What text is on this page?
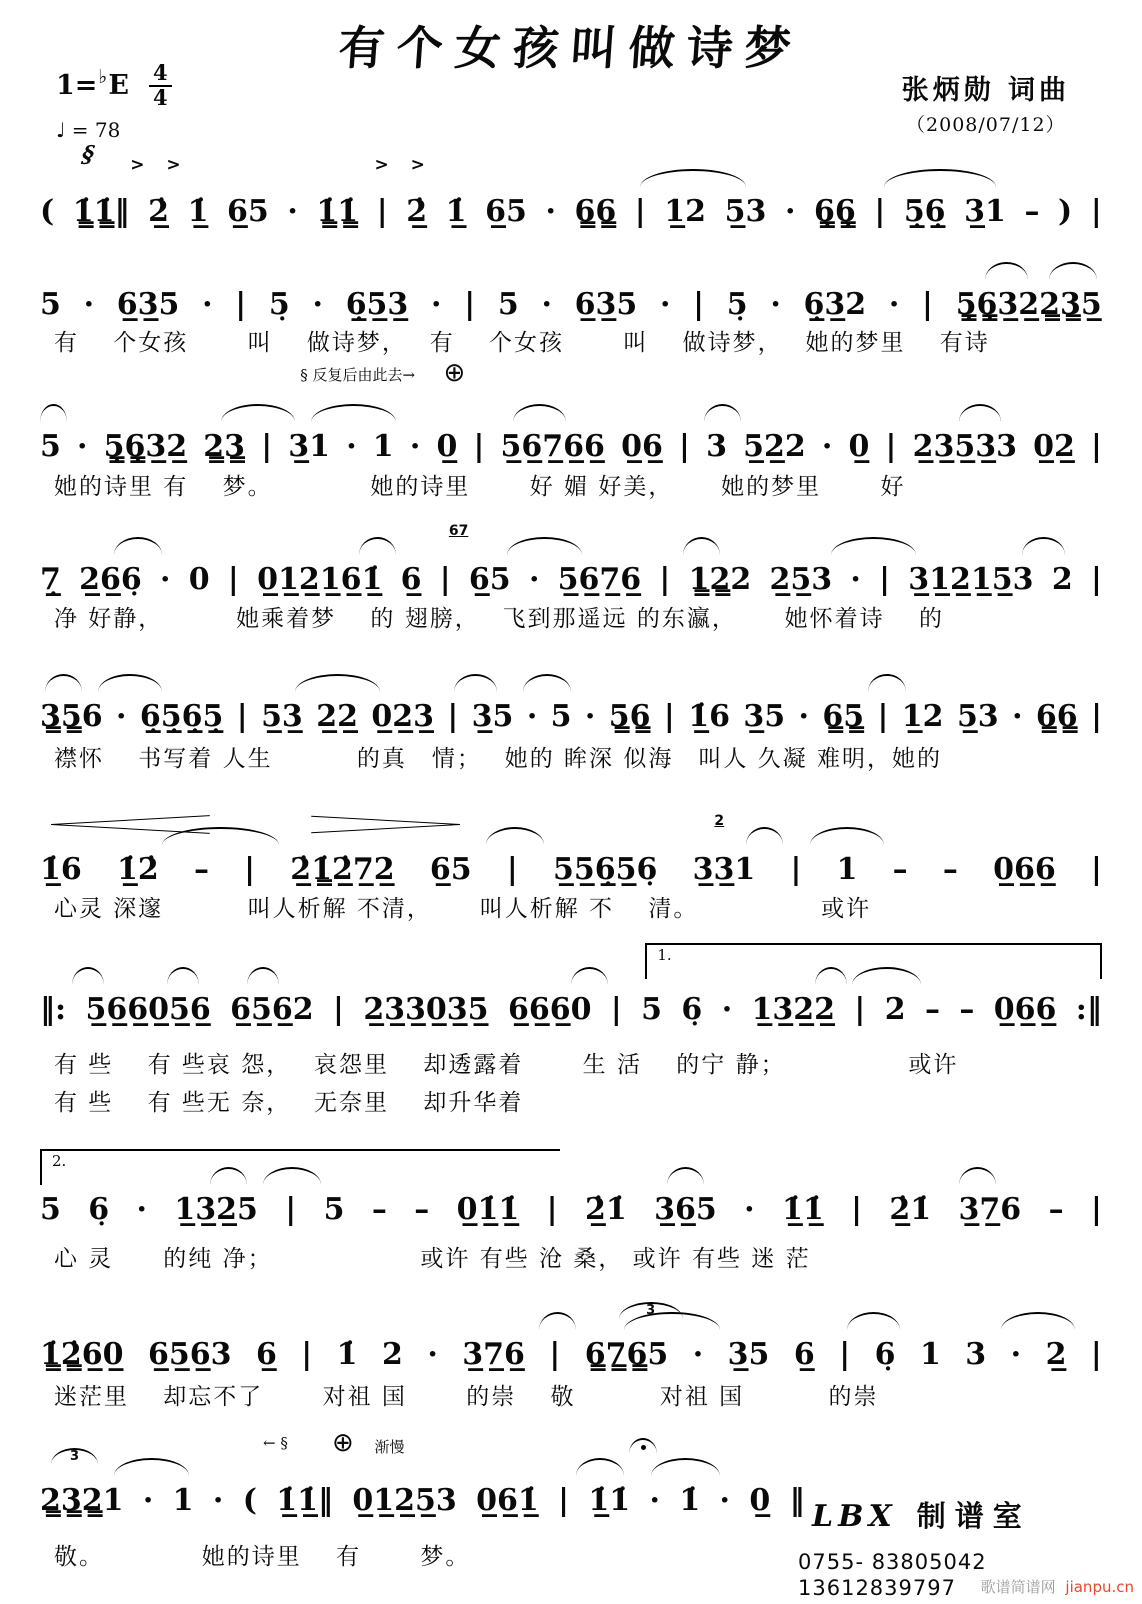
有个女孩叫做诗梦
1= ♭ E $\frac{4}{4}$
♩ = 78
张炳勋 词曲
（2008/07/12）
( 1̳̇1̳̇‖ 2̲̇ 1̲̇ 6̲5 · 1̳̇1̳̇ | 2̲̇ 1̲̇ 6̲5 · 6̳6̳ | 1̲2 5̲3 · 6̳̣6̳̣ | 5̲̣6̲̣ 3̲1 – ) |
§ > >	> >
5 · 6̲3̲5 · | 5̣ · 6̲̣5̲3̲ · | 5 · 6̲3̲5 · | 5̣ · 6̲̣3̲2 · | 5̳̣6̳̣3̲2̲2̳3̳5̲
有　 个女孩　　 叫　 做诗梦，　 有　 个女孩　　 叫　 做诗梦，　 她的梦里　 有诗
5 · 5̳̣6̳̣3̲2̲ 2̳3̳ | 3̲1 · 1 · 0̲ | 5̲6̲7̲6̲6̲ 0̲6̲ | 3 5̲2̲2 · 0̲ | 2̲3̲5̲3̲3 0̲2̲ |
她的诗里 有　 梦。　　　　 她的诗里　　 好 媚 好美，　　 她的梦里　　 好
§ 反复后由此去→ ⊕
7̲̣ 2̲6̲6̣ · 0 | 0̲1̲2̲1̲6̲1̲̇ 6̲ | 6̲5 · 5̲6̲7̲6̲ | 1̳2̳2 2̲5̲3 · | 3̲1̲2̲1̲5̲3 2 |
净 好静，　　　 她乘着梦　 的 翅膀，　 飞到那遥远 的东瀛，　　 她怀着诗　 的
67
3̳5̳6 · 6̲̣5̲̣6̲̣5̲̣ | 5̲3̲ 2̲2̲ 0̲2̲3̲ | 3̲5 · 5 · 5̳6̳ | 1̲̇6 3̲5 · 6̳5̳ | 1̲2 5̲3 · 6̳6̳ |
襟怀　 书写着 人生　　　 的真　情；　 她的 眸深 似海　叫人 久凝 难明，她的
1̲̇6 1̲̇2̇ – | 2̲̇1̳̇2̲̇7̲2̲ 6̲5 | 5̲5̲6̲̣5̲6̣ 3̲3̲1 | 1 – – 0̲6̲6̲ |
心灵 深邃　　　 叫人析解 不清，　　 叫人析解 不　 清。　　　　　 或许
2
‖: 5̲6̲6̲0̲5̲6̲ 6̲5̲6̲2 | 2̲3̲3̲0̲3̲5̲ 6̲6̲6̲0 | 5 6̣ · 1̲3̲2̲2̲ | 2 – – 0̲6̲6̲ :‖
有 些　 有 些哀 怨，　 哀怨里　 却透露着　　 生 活　 的宁 静；　　　　　 或许
有 些　 有 些无 奈，　 无奈里　 却升华着
1.
5 6̣ · 1̲3̲2̲5 | 5 – – 0̲1̲̇1̲̇ | 2̲̇1̇ 3̲6̲5 · 1̲̇1̲̇ | 2̲̇1̇ 3̲7̲6 – |
心 灵　　的纯 净；　　　　　　 或许 有些 沧 桑， 或许 有些 迷 茫
2.
1̳̇2̳̇6̲0̲ 6̲5̲6̲3 6̲ | 1̇ 2 · 3̲7̲6̲ | 6̳7̳6̳5 · 3̲5 6̲ | 6̣ 1 3 · 2̲ |
迷茫里　 却忘不了　　 对祖 国　　 的崇　 敬　　　 对祖 国　　　 的崇
3
2̳3̳2̳1 · 1 · ( 1̲̇1̲̇‖ 0̲1̲2̲5̲3 0̲6̲1̲̇ | 1̲̇1̇ · 1̇ · 0̲ ‖
敬。　　　　 她的诗里　 有　　 梦。
3
← § ⊕ 渐慢
LBX 制谱室
0755- 83805042　 13612839797	歌谱简谱网 jianpu.cn
